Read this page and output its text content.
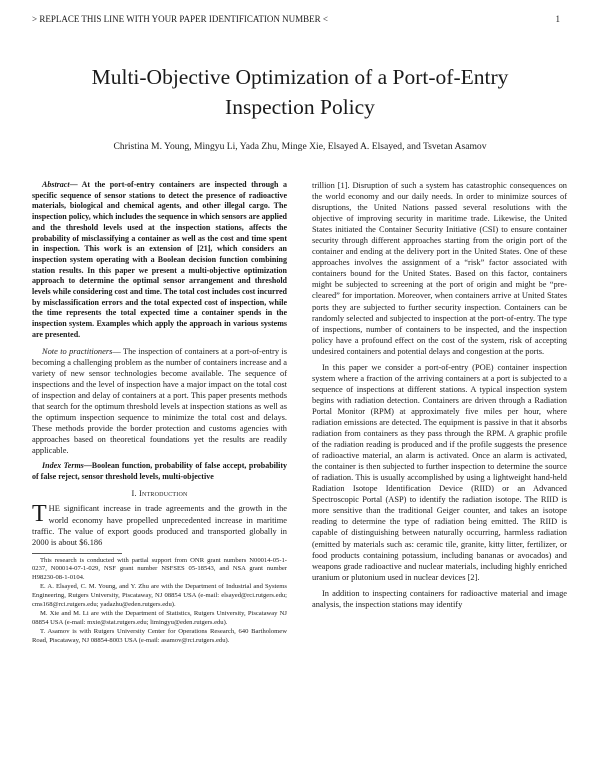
> REPLACE THIS LINE WITH YOUR PAPER IDENTIFICATION NUMBER <	1
Multi-Objective Optimization of a Port-of-Entry
Inspection Policy
Christina M. Young, Mingyu Li, Yada Zhu, Minge Xie, Elsayed A. Elsayed, and Tsvetan Asamov

Abstract— At the port-of-entry containers are inspected through a specific sequence of sensor stations to detect the presence of radioactive materials, biological and chemical agents, and other illegal cargo. The inspection policy, which includes the sequence in which sensors are applied and the threshold levels used at the inspection stations, affects the probability of misclassifying a container as well as the cost and time spent in inspection. This work is an extension of [21], which considers an inspection system operating with a Boolean decision function combining station results. In this paper we present a multi-objective optimization approach to determine the optimal sensor arrangement and threshold levels while considering cost and time. The total cost includes cost incurred by misclassification errors and the total expected cost of inspection, while the time represents the total expected time a container spends in the inspection system. Examples which apply the approach in various systems are presented.

Note to practitioners— The inspection of containers at a port-of-entry is becoming a challenging problem as the number of containers increase and a variety of new sensor technologies become available. The sequence of inspections and the level of inspection have a major impact on the total cost of inspection and delay of containers at a port. This paper presents methods that search for the optimum threshold levels at inspection stations as well as the optimum inspection sequence to minimize the total cost and delays. These methods provide the border protection and customs agencies with approaches based on theoretical foundations yet the results are readily applicable.

Index Terms—Boolean function, probability of false accept, probability of false reject, sensor threshold levels, multi-objective

I. Introduction

THE significant increase in trade agreements and the growth in the world economy have propelled unprecedented increase in maritime traffic. The value of export goods produced and transported globally in 2000 is about $6.186

This research is conducted with partial support from ONR grant numbers N00014-05-1-0237, N00014-07-1-029, NSF grant number NSFSES 05-18543, and NSA grant number H98230-08-1-0104.

E. A. Elsayed, C. M. Young, and Y. Zhu are with the Department of Industrial and Systems Engineering, Rutgers University, Piscataway, NJ 08854 USA (e-mail: elsayed@rci.rutgers.edu; cms168@rci.rutgers.edu; yadazhu@eden.rutgers.edu).

M. Xie and M. Li are with the Department of Statistics, Rutgers University, Piscataway NJ 08854 USA (e-mail: mxie@stat.rutgers.edu; limingyu@eden.rutgers.edu).

T. Asamov is with Rutgers University Center for Operations Research, 640 Bartholomew Road, Piscataway, NJ 08854-8003 USA (e-mail: asamov@rci.rutgers.edu).

trillion [1]. Disruption of such a system has catastrophic consequences on the world economy and our daily needs. In order to minimize sources of disruptions, the United Nations passed several resolutions with the objective of improving security in maritime trade. Likewise, the United States initiated the Container Security Initiative (CSI) to ensure container security through different approaches starting from the origin port of the container and ending at the delivery port in the United States. One of these approaches involves the assignment of a “risk” factor associated with containers bound for the United States. Based on this factor, containers might be subjected to screening at the port of origin and might be “pre-cleared” for importation. Moreover, when containers arrive at United States ports they are subjected to further security inspection. Containers can be randomly selected and subjected to inspection at the port-of-entry. The type of inspections, number of containers to be inspected, and the inspection policy have a profound effect on the cost of the system, risk of accepting undesired containers and potential delays and congestion at the ports.

In this paper we consider a port-of-entry (POE) container inspection system where a fraction of the arriving containers at a port is subjected to a sequence of inspections at different stations. A typical inspection system begins with radiation detection. Containers are driven through a Radiation Portal Monitor (RPM) at approximately five miles per hour, where radiation emissions are detected. The equipment is passive in that it absorbs radiation from containers as they pass through the RPM. A graphic profile of the radiation reading is produced and if the profile suggests the presence of radioactive material, an alarm is activated. Once an alarm is activated, the container is then subjected to further inspection to determine the source of radiation. This is usually accomplished by using a lightweight hand-held Radiation Isotope Identification Device (RIID) or an Advanced Spectroscopic Portal (ASP) to identify the radiation isotope. The RIID is more sensitive than the traditional Geiger counter, and takes an isotope reading to determine the type of radiation being emitted. The RIID is capable of distinguishing between naturally occurring, harmless radiation (emitted by materials such as: ceramic tile, granite, kitty litter, fertilizer, or food products containing potassium, including bananas or avocados) and weapons grade radioactive and nuclear materials, including highly enriched uranium or plutonium used in nuclear devices [2].

In addition to inspecting containers for radioactive material and image analysis, the inspection stations may identify
